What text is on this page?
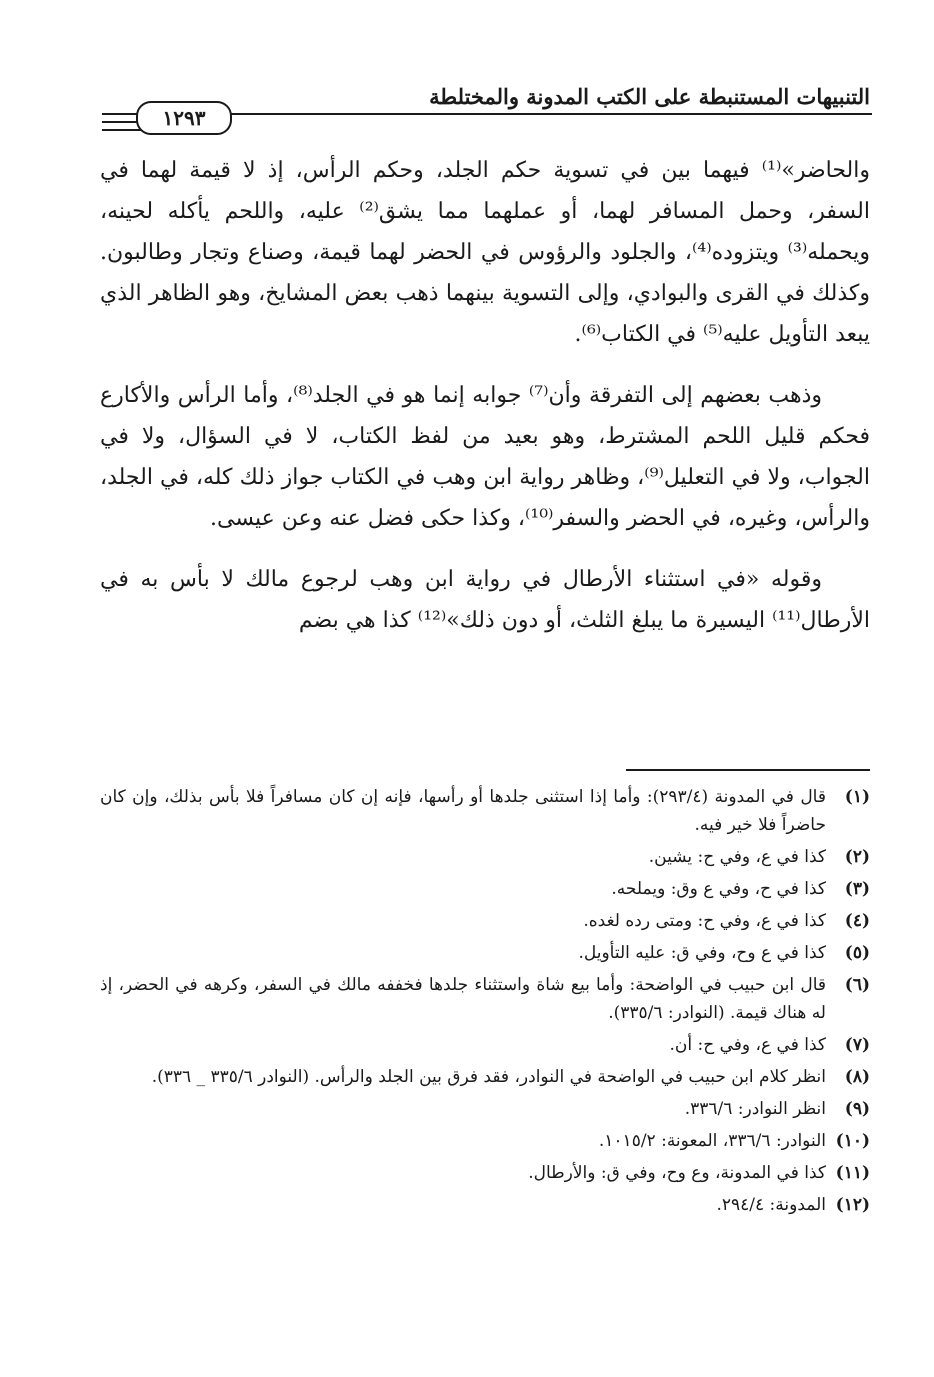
التنبيهات المستنبطة على الكتب المدونة والمختلطة
١٢٩٣

والحاضر»⁽¹⁾ فيهما بين في تسوية حكم الجلد، وحكم الرأس، إذ لا قيمة لهما في السفر، وحمل المسافر لهما، أو عملهما مما يشق⁽²⁾ عليه، واللحم يأكله لحينه، ويحمله⁽³⁾ ويتزوده⁽⁴⁾، والجلود والرؤوس في الحضر لهما قيمة، وصناع وتجار وطالبون. وكذلك في القرى والبوادي، وإلى التسوية بينهما ذهب بعض المشايخ، وهو الظاهر الذي يبعد التأويل عليه⁽⁵⁾ في الكتاب⁽⁶⁾.

وذهب بعضهم إلى التفرقة وأن⁽⁷⁾ جوابه إنما هو في الجلد⁽⁸⁾، وأما الرأس والأكارع فحكم قليل اللحم المشترط، وهو بعيد من لفظ الكتاب، لا في السؤال، ولا في الجواب، ولا في التعليل⁽⁹⁾، وظاهر رواية ابن وهب في الكتاب جواز ذلك كله، في الجلد، والرأس، وغيره، في الحضر والسفر⁽¹⁰⁾، وكذا حكى فضل عنه وعن عيسى.

وقوله «في استثناء الأرطال في رواية ابن وهب لرجوع مالك لا بأس به في الأرطال⁽¹¹⁾ اليسيرة ما يبلغ الثلث، أو دون ذلك»⁽¹²⁾ كذا هي بضم

(١)
قال في المدونة (٢٩٣/٤): وأما إذا استثنى جلدها أو رأسها، فإنه إن كان مسافراً فلا بأس بذلك، وإن كان حاضراً فلا خير فيه.
(٢)
كذا في ع، وفي ح: يشين.
(٣)
كذا في ح، وفي ع وق: ويملحه.
(٤)
كذا في ع، وفي ح: ومتى رده لغده.
(٥)
كذا في ع وح، وفي ق: عليه التأويل.
(٦)
قال ابن حبيب في الواضحة: وأما بيع شاة واستثناء جلدها فخففه مالك في السفر، وكرهه في الحضر، إذ له هناك قيمة. (النوادر: ٣٣٥/٦).
(٧)
كذا في ع، وفي ح: أن.
(٨)
انظر كلام ابن حبيب في الواضحة في النوادر، فقد فرق بين الجلد والرأس. (النوادر ٣٣٥/٦ _ ٣٣٦).
(٩)
انظر النوادر: ٣٣٦/٦.
(١٠)
النوادر: ٣٣٦/٦، المعونة: ١٠١٥/٢.
(١١)
كذا في المدونة، وع وح، وفي ق: والأرطال.
(١٢)
المدونة: ٢٩٤/٤.
